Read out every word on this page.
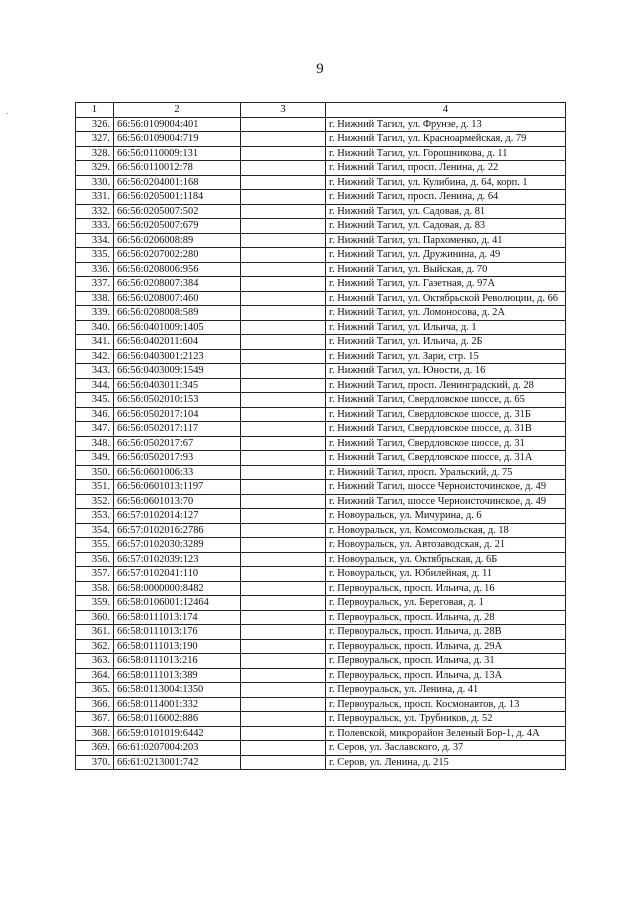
9
.	1	2	3	4
326.	66:56:0109004:401		г. Нижний Тагил, ул. Фрунзе, д. 13
327.	66:56:0109004:719		г. Нижний Тагил, ул. Красноармейская, д. 79
328.	66:56:0110009:131		г. Нижний Тагил, ул. Горошникова, д. 11
329.	66:56:0110012:78		г. Нижний Тагил, просп. Ленина, д. 22
330.	66:56:0204001:168		г. Нижний Тагил, ул. Кулибина, д. 64, корп. 1
331.	66:56:0205001:1184		г. Нижний Тагил, просп. Ленина, д. 64
332.	66:56:0205007:502		г. Нижний Тагил, ул. Садовая, д. 81
333.	66:56:0205007:679		г. Нижний Тагил, ул. Садовая, д. 83
334.	66:56:0206008:89		г. Нижний Тагил, ул. Пархоменко, д. 41
335.	66:56:0207002:280		г. Нижний Тагил, ул. Дружинина, д. 49
336.	66:56:0208006:956		г. Нижний Тагил, ул. Выйская, д. 70
337.	66:56:0208007:384		г. Нижний Тагил, ул. Газетная, д. 97А
338.	66:56:0208007:460		г. Нижний Тагил, ул. Октябрьской Революции, д. 66
339.	66:56:0208008:589		г. Нижний Тагил, ул. Ломоносова, д. 2А
340.	66:56:0401009:1405		г. Нижний Тагил, ул. Ильича, д. 1
341.	66:56:0402011:604		г. Нижний Тагил, ул. Ильича, д. 2Б
342.	66:56:0403001:2123		г. Нижний Тагил, ул. Зари, стр. 15
343.	66:56:0403009:1549		г. Нижний Тагил, ул. Юности, д. 16
344.	66:56:0403011:345		г. Нижний Тагил, просп. Ленинградский, д. 28
345.	66:56:0502010:153		г. Нижний Тагил, Свердловское шоссе, д. 65
346.	66:56:0502017:104		г. Нижний Тагил, Свердловское шоссе, д. 31Б
347.	66:56:0502017:117		г. Нижний Тагил, Свердловское шоссе, д. 31В
348.	66:56:0502017:67		г. Нижний Тагил, Свердловское шоссе, д. 31
349.	66:56:0502017:93		г. Нижний Тагил, Свердловское шоссе, д. 31А
350.	66:56:0601006:33		г. Нижний Тагил, просп. Уральский, д. 75
351.	66:56:0601013:1197		г. Нижний Тагил, шоссе Черноисточинское, д. 49
352.	66:56:0601013:70		г. Нижний Тагил, шоссе Черноисточинское, д. 49
353.	66:57:0102014:127		г. Новоуральск, ул. Мичурина, д. 6
354.	66:57:0102016:2786		г. Новоуральск, ул. Комсомольская, д. 18
355.	66:57:0102030:3289		г. Новоуральск, ул. Автозаводская, д. 21
356.	66:57:0102039:123		г. Новоуральск, ул. Октябрьская, д. 6Б
357.	66:57:0102041:110		г. Новоуральск, ул. Юбилейная, д. 11
358.	66:58:0000000:8482		г. Первоуральск, просп. Ильича, д. 16
359.	66:58:0106001:12464		г. Первоуральск, ул. Береговая, д. 1
360.	66:58:0111013:174		г. Первоуральск, просп. Ильича, д. 28
361.	66:58:0111013:176		г. Первоуральск, просп. Ильича, д. 28В
362.	66:58:0111013:190		г. Первоуральск, просп. Ильича, д. 29А
363.	66:58:0111013:216		г. Первоуральск, просп. Ильича, д. 31
364.	66:58:0111013:389		г. Первоуральск, просп. Ильича, д. 13А
365.	66:58:0113004:1350		г. Первоуральск, ул. Ленина, д. 41
366.	66:58:0114001:332		г. Первоуральск, просп. Космонавтов, д. 13
367.	66:58:0116002:886		г. Первоуральск, ул. Трубников, д. 52
368.	66:59:0101019:6442		г. Полевской, микрорайон Зеленый Бор-1, д. 4А
369.	66:61:0207004:203		г. Серов, ул. Заславского, д. 37
370.	66:61:0213001:742		г. Серов, ул. Ленина, д. 215
